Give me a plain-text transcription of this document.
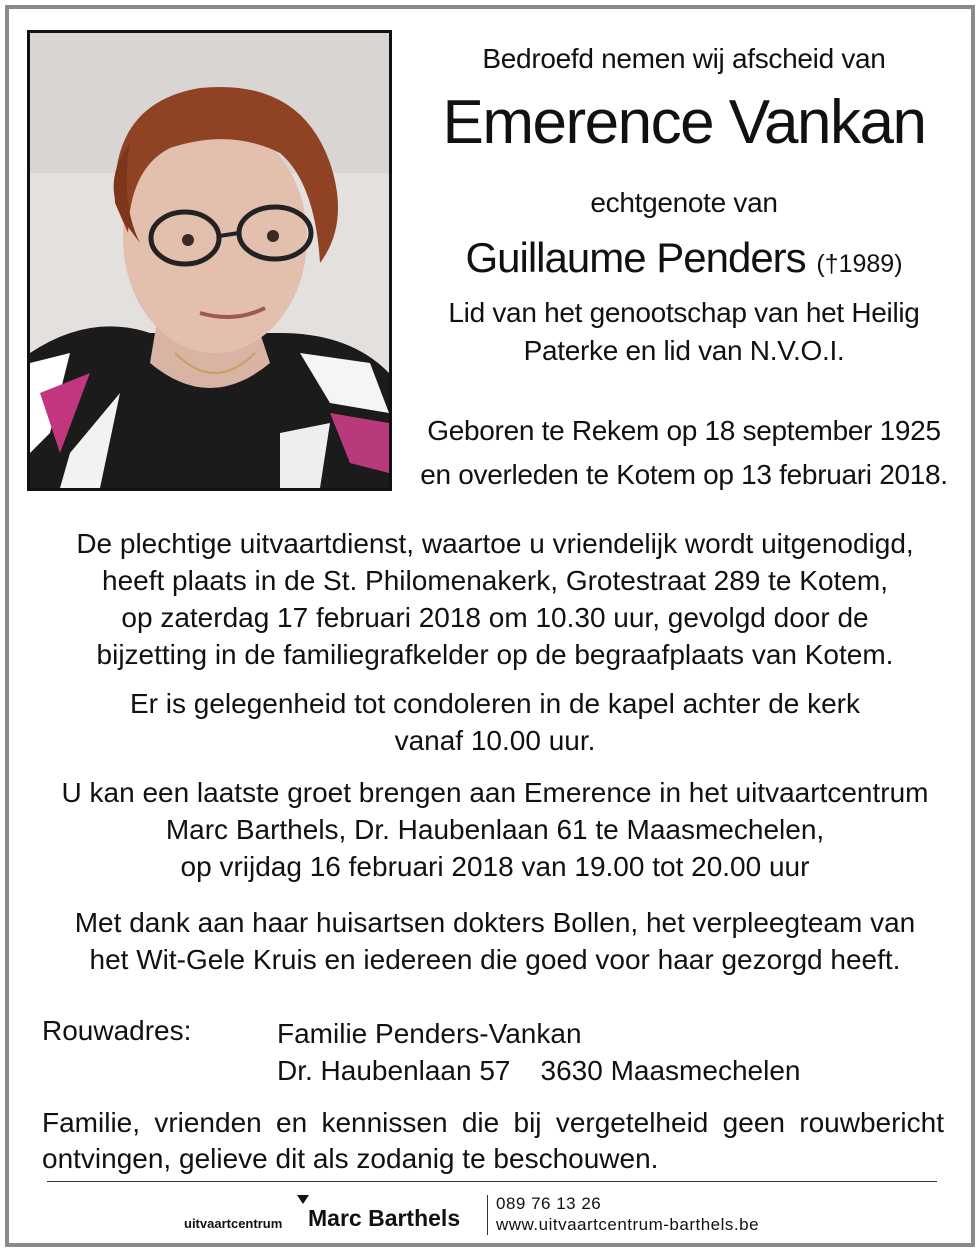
Bedroefd nemen wij afscheid van
Emerence Vankan
echtgenote van
Guillaume Penders (†1989)
Lid van het genootschap van het Heilig
Paterke en lid van N.V.O.I.
Geboren te Rekem op 18 september 1925
en overleden te Kotem op 13 februari 2018.
De plechtige uitvaartdienst, waartoe u vriendelijk wordt uitgenodigd,
heeft plaats in de St. Philomenakerk, Grotestraat 289 te Kotem,
op zaterdag 17 februari 2018 om 10.30 uur, gevolgd door de
bijzetting in de familiegrafkelder op de begraafplaats van Kotem.
Er is gelegenheid tot condoleren in de kapel achter de kerk
vanaf 10.00 uur.
U kan een laatste groet brengen aan Emerence in het uitvaartcentrum
Marc Barthels, Dr. Haubenlaan 61 te Maasmechelen,
op vrijdag 16 februari 2018 van 19.00 tot 20.00 uur
Met dank aan haar huisartsen dokters Bollen, het verpleegteam van
het Wit-Gele Kruis en iedereen die goed voor haar gezorgd heeft.
Rouwadres:	Familie Penders-Vankan
Dr. Haubenlaan 57 3630 Maasmechelen
Familie, vrienden en kennissen die bij vergetelheid geen rouwbericht ontvingen, gelieve dit als zodanig te beschouwen.
uitvaartcentrum Marc Barthels
089 76 13 26
www.uitvaartcentrum-barthels.be
